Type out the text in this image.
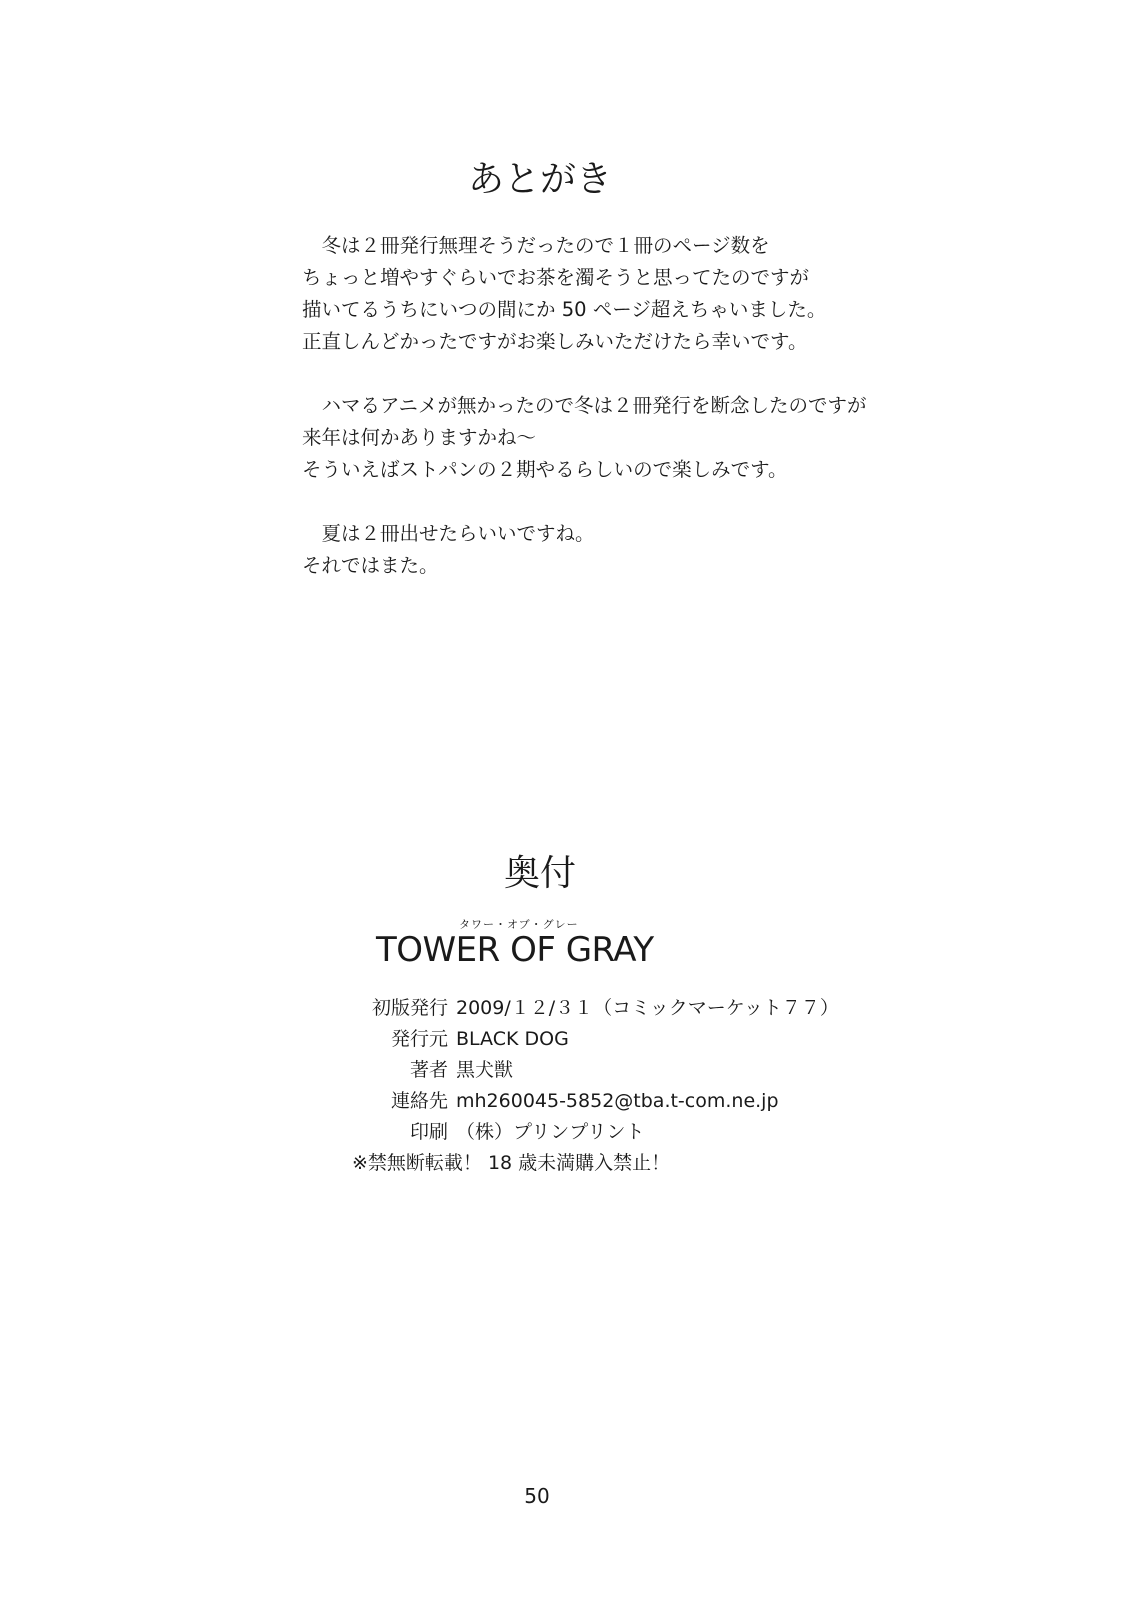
あとがき
　冬は２冊発行無理そうだったので１冊のページ数を
ちょっと増やすぐらいでお茶を濁そうと思ってたのですが
描いてるうちにいつの間にか 50 ページ超えちゃいました。
正直しんどかったですがお楽しみいただけたら幸いです。
　ハマるアニメが無かったので冬は２冊発行を断念したのですが
来年は何かありますかね～
そういえばストパンの２期やるらしいので楽しみです。
　夏は２冊出せたらいいですね。
それではまた。
奥付
タワー・オブ・グレー
TOWER OF GRAY
初版発行 2009/１２/３１（コミックマーケット７７）
発行元 BLACK DOG
著者 黒犬獣
連絡先 mh260045-5852@tba.t-com.ne.jp
印刷 （株）プリンプリント
※禁無断転載！ 18 歳未満購入禁止！
50
